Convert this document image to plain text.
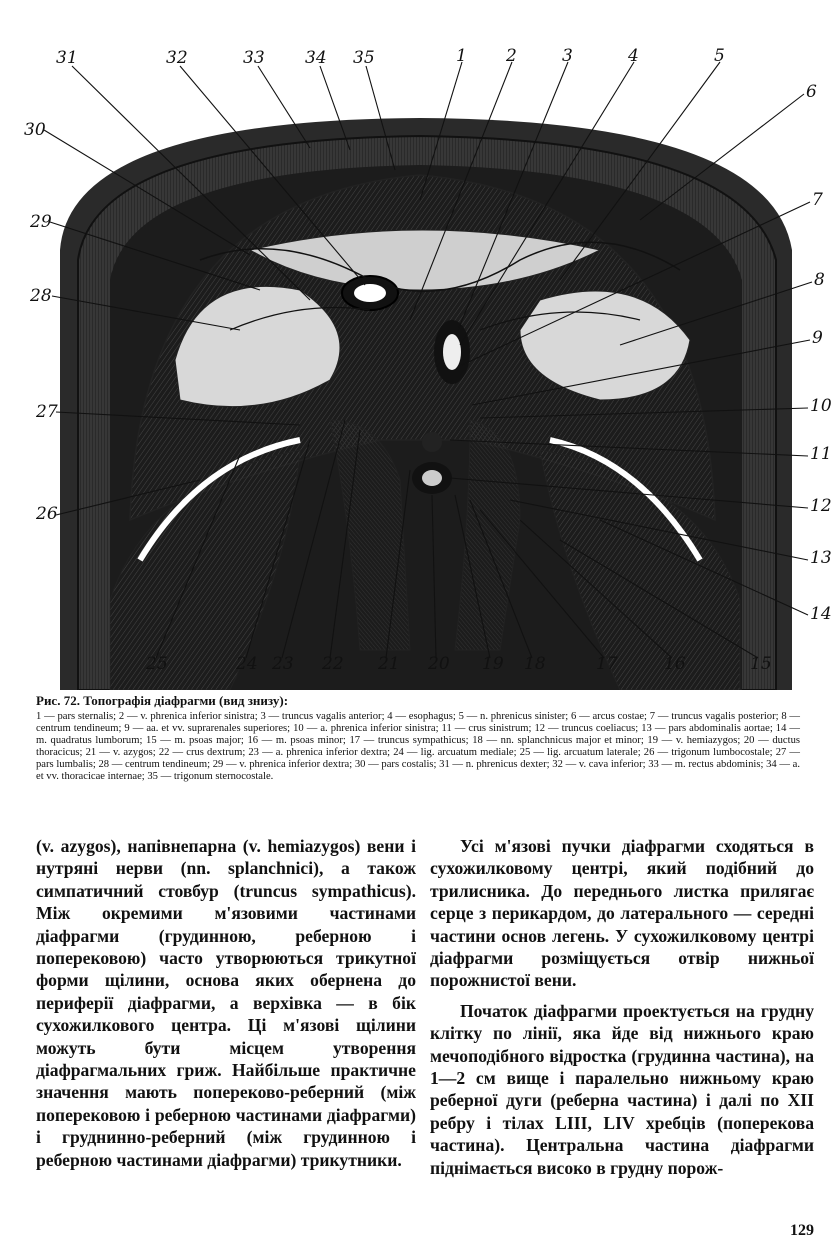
31	32	33 34 35	1 2	3	4	5
6
7
8
9
10
11
12
13
14
15
16
17
18
19
20
21
22
23
24
25
26
27
28
29
30
Рис. 72. Топографія діафрагми (вид знизу):
1 — pars sternalis; 2 — v. phrenica inferior sinistra; 3 — truncus vagalis anterior; 4 — esophagus; 5 — n. phrenicus sinister; 6 — arcus costae; 7 — truncus vagalis posterior; 8 — centrum tendineum; 9 — aa. et vv. suprarenales superiores; 10 — a. phrenica inferior sinistra; 11 — crus sinistrum; 12 — truncus coeliacus; 13 — pars abdominalis aortae; 14 — m. quadratus lumborum; 15 — m. psoas major; 16 — m. psoas minor; 17 — truncus sympathicus; 18 — nn. splanchnicus major et minor; 19 — v. hemiazygos; 20 — ductus thoracicus; 21 — v. azygos; 22 — crus dextrum; 23 — a. phrenica inferior dextra; 24 — lig. arcuatum mediale; 25 — lig. arcuatum laterale; 26 — trigonum lumbocostale; 27 — pars lumbalis; 28 — centrum tendineum; 29 — v. phrenica inferior dextra; 30 — pars costalis; 31 — n. phrenicus dexter; 32 — v. cava inferior; 33 — m. rectus abdominis; 34 — a. et vv. thoracicae internae; 35 — trigonum sternocostale.

(v. azygos), напівнепарна (v. hemiazygos) вени і нутряні нерви (nn. splanchnici), а також симпатичний стовбур (truncus sympathicus). Між окремими м'язовими частинами діафрагми (грудинною, реберною і поперековою) часто утворюються трикутної форми щілини, основа яких обернена до периферії діафрагми, а верхівка — в бік сухожилкового центра. Ці м'язові щілини можуть бути місцем утворення діафрагмальних гриж. Найбільше практичне значення мають попереково-реберний (між поперековою і реберною частинами діафрагми) і груднинно-реберний (між грудинною і реберною частинами діафрагми) трикутники.

Усі м'язові пучки діафрагми сходяться в сухожилковому центрі, який подібний до трилисника. До переднього листка прилягає серце з перикардом, до латерального — середні частини основ легень. У сухожилковому центрі діафрагми розміщується отвір нижньої порожнистої вени.

Початок діафрагми проектується на грудну клітку по лінії, яка йде від нижнього краю мечоподібного відростка (грудинна частина), на 1—2 см вище і паралельно нижньому краю реберної дуги (реберна частина) і далі по XII ребру і тілах LIII, LIV хребців (поперекова частина). Центральна частина діафрагми піднімається високо в грудну порож-

129
